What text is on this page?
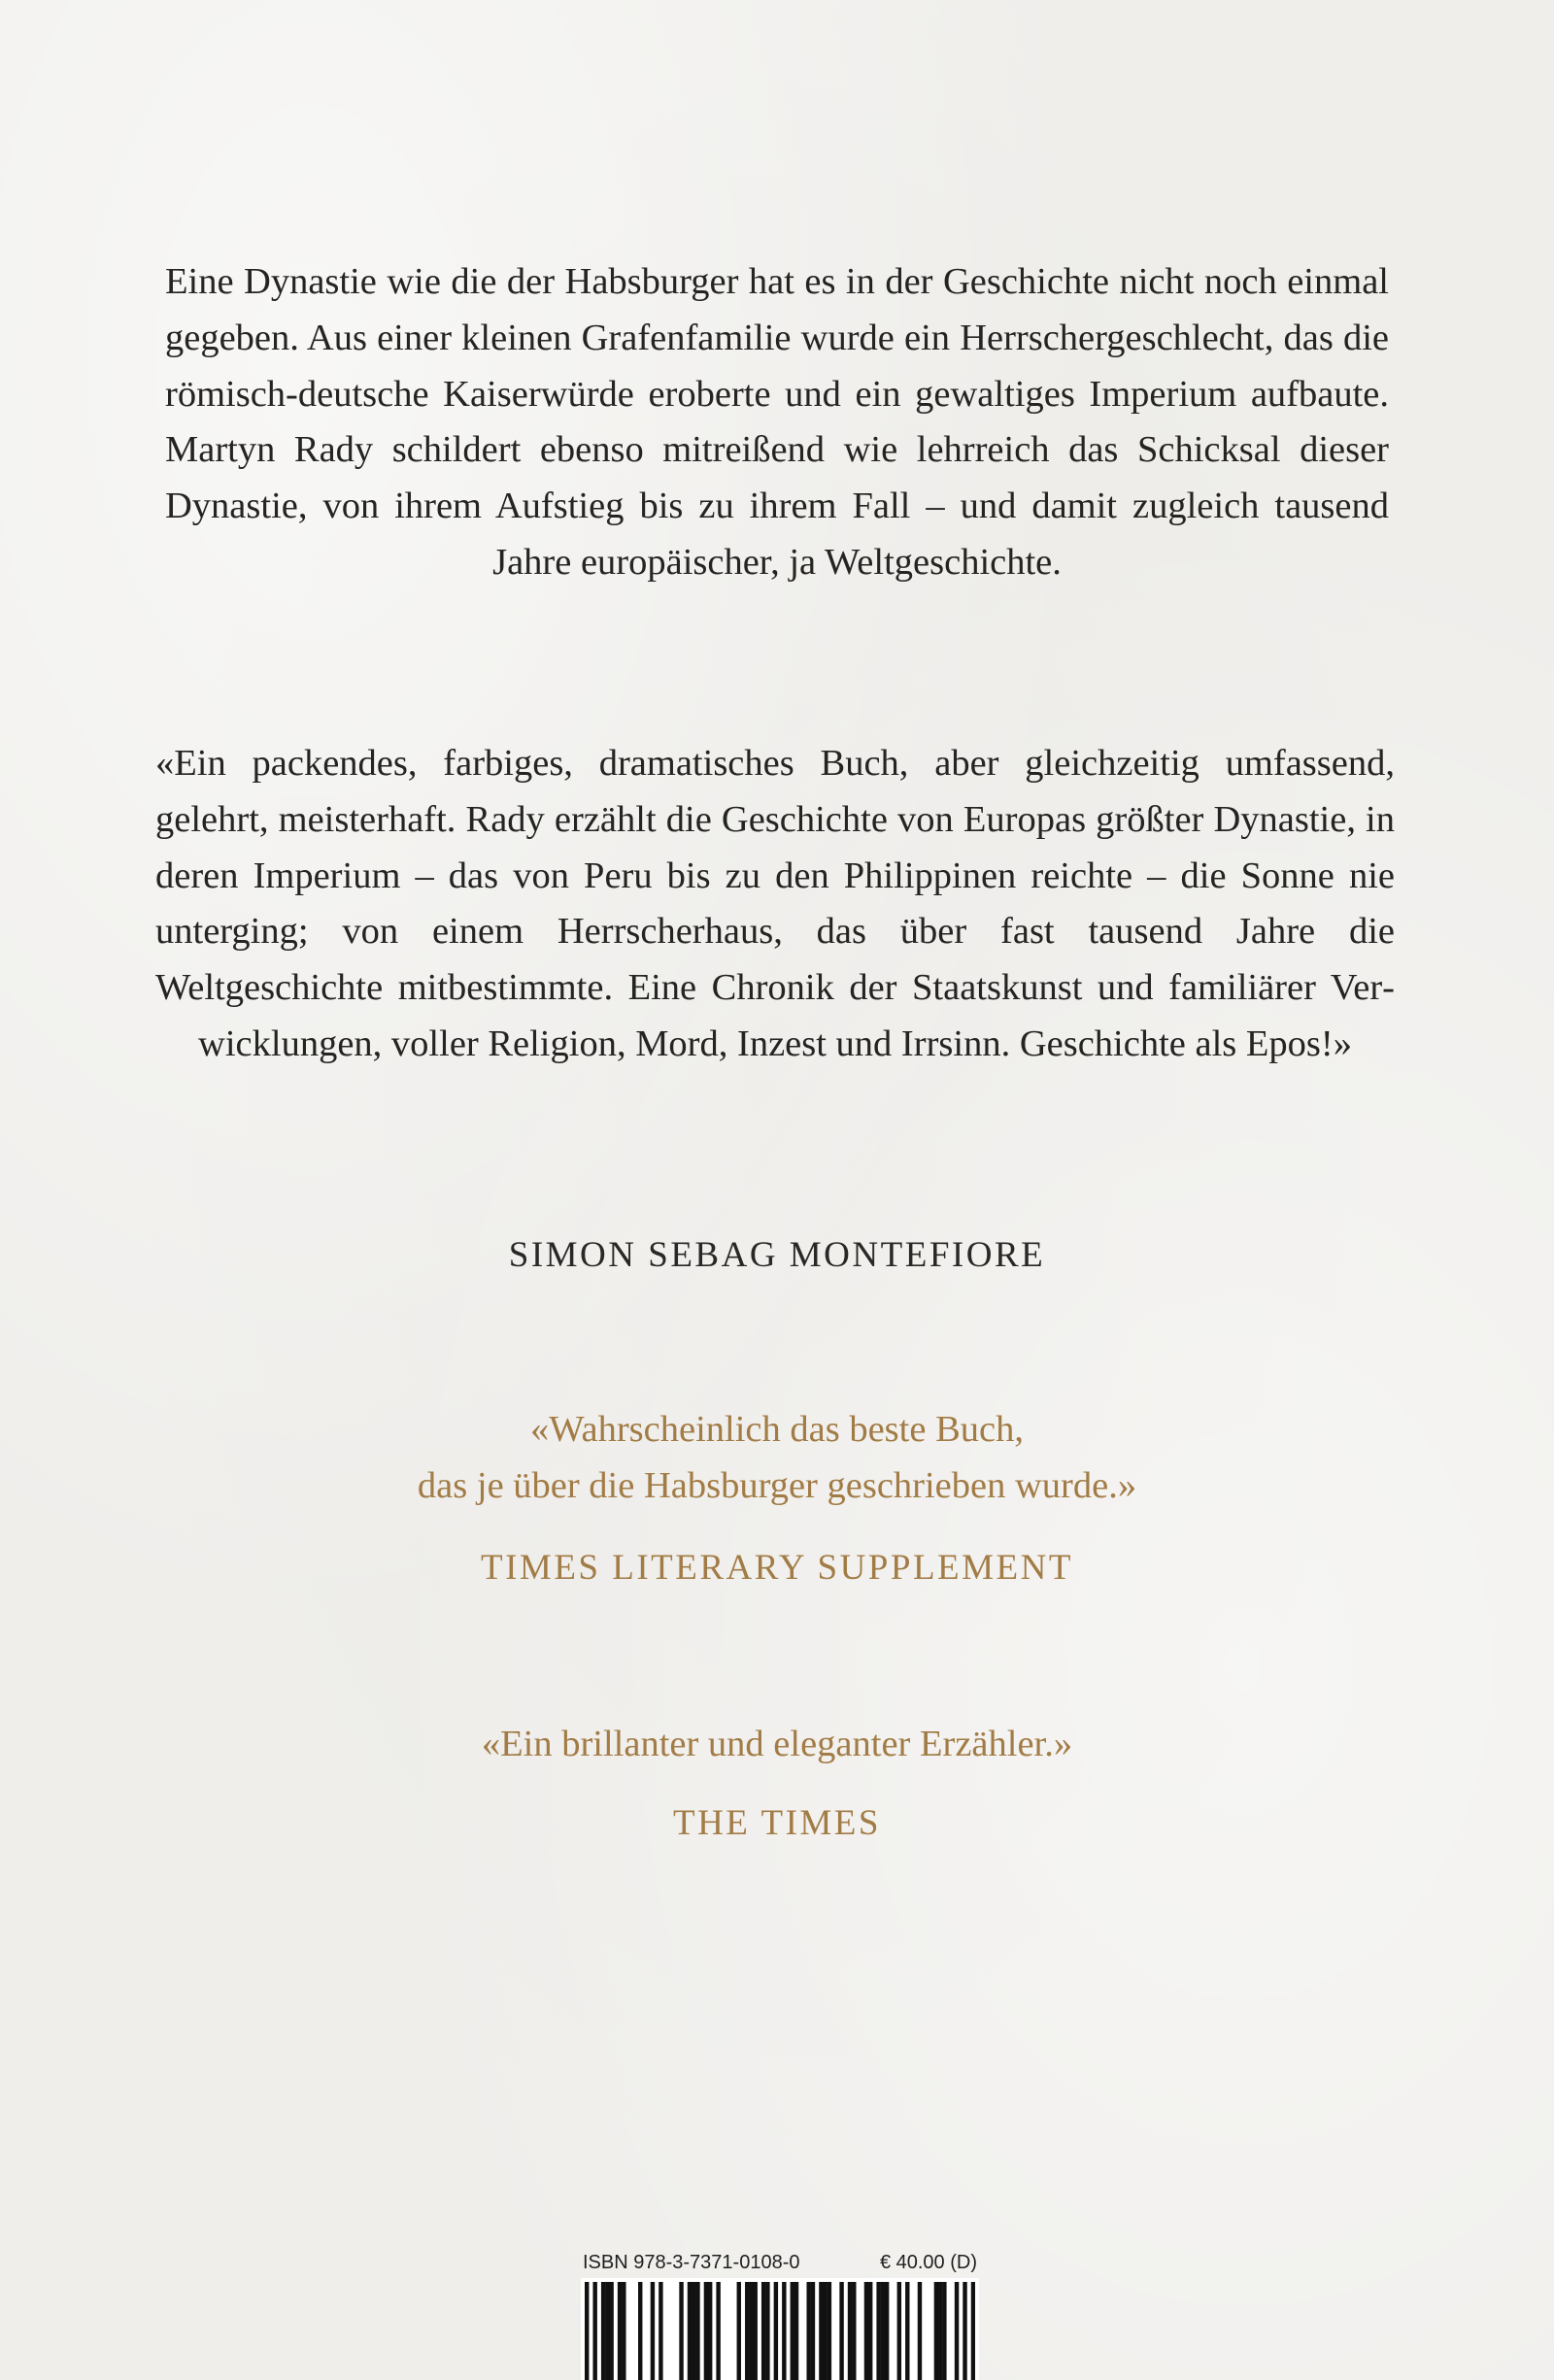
Eine Dynastie wie die der Habsburger hat es in der Geschichte nicht noch einmal gegeben. Aus einer kleinen Grafenfamilie wurde ein Herrschergeschlecht, das die römisch-deutsche Kaiserwürde eroberte und ein gewaltiges Imperium aufbaute. Martyn Rady schildert ebenso mitreißend wie lehrreich das Schicksal dieser Dynastie, von ihrem Aufstieg bis zu ihrem Fall – und damit zugleich tausend Jahre europäischer, ja Weltgeschichte.

«Ein packendes, farbiges, dramatisches Buch, aber gleichzeitig umfassend, gelehrt, meisterhaft. Rady erzählt die Geschichte von Europas größter Dynastie, in deren Imperium – das von Peru bis zu den Philippinen reichte – die Sonne nie unterging; von einem Herrscherhaus, das über fast tausend Jahre die Weltgeschichte mitbestimmte. Eine Chronik der Staatskunst und familiärer Verwicklungen, voller Religion, Mord, Inzest und Irrsinn. Geschichte als Epos!»

SIMON SEBAG MONTEFIORE

«Wahrscheinlich das beste Buch,
das je über die Habsburger geschrieben wurde.»

TIMES LITERARY SUPPLEMENT

«Ein brillanter und eleganter Erzähler.»

THE TIMES
ISBN 978-3-7371-0108-0	€ 40.00 (D)
